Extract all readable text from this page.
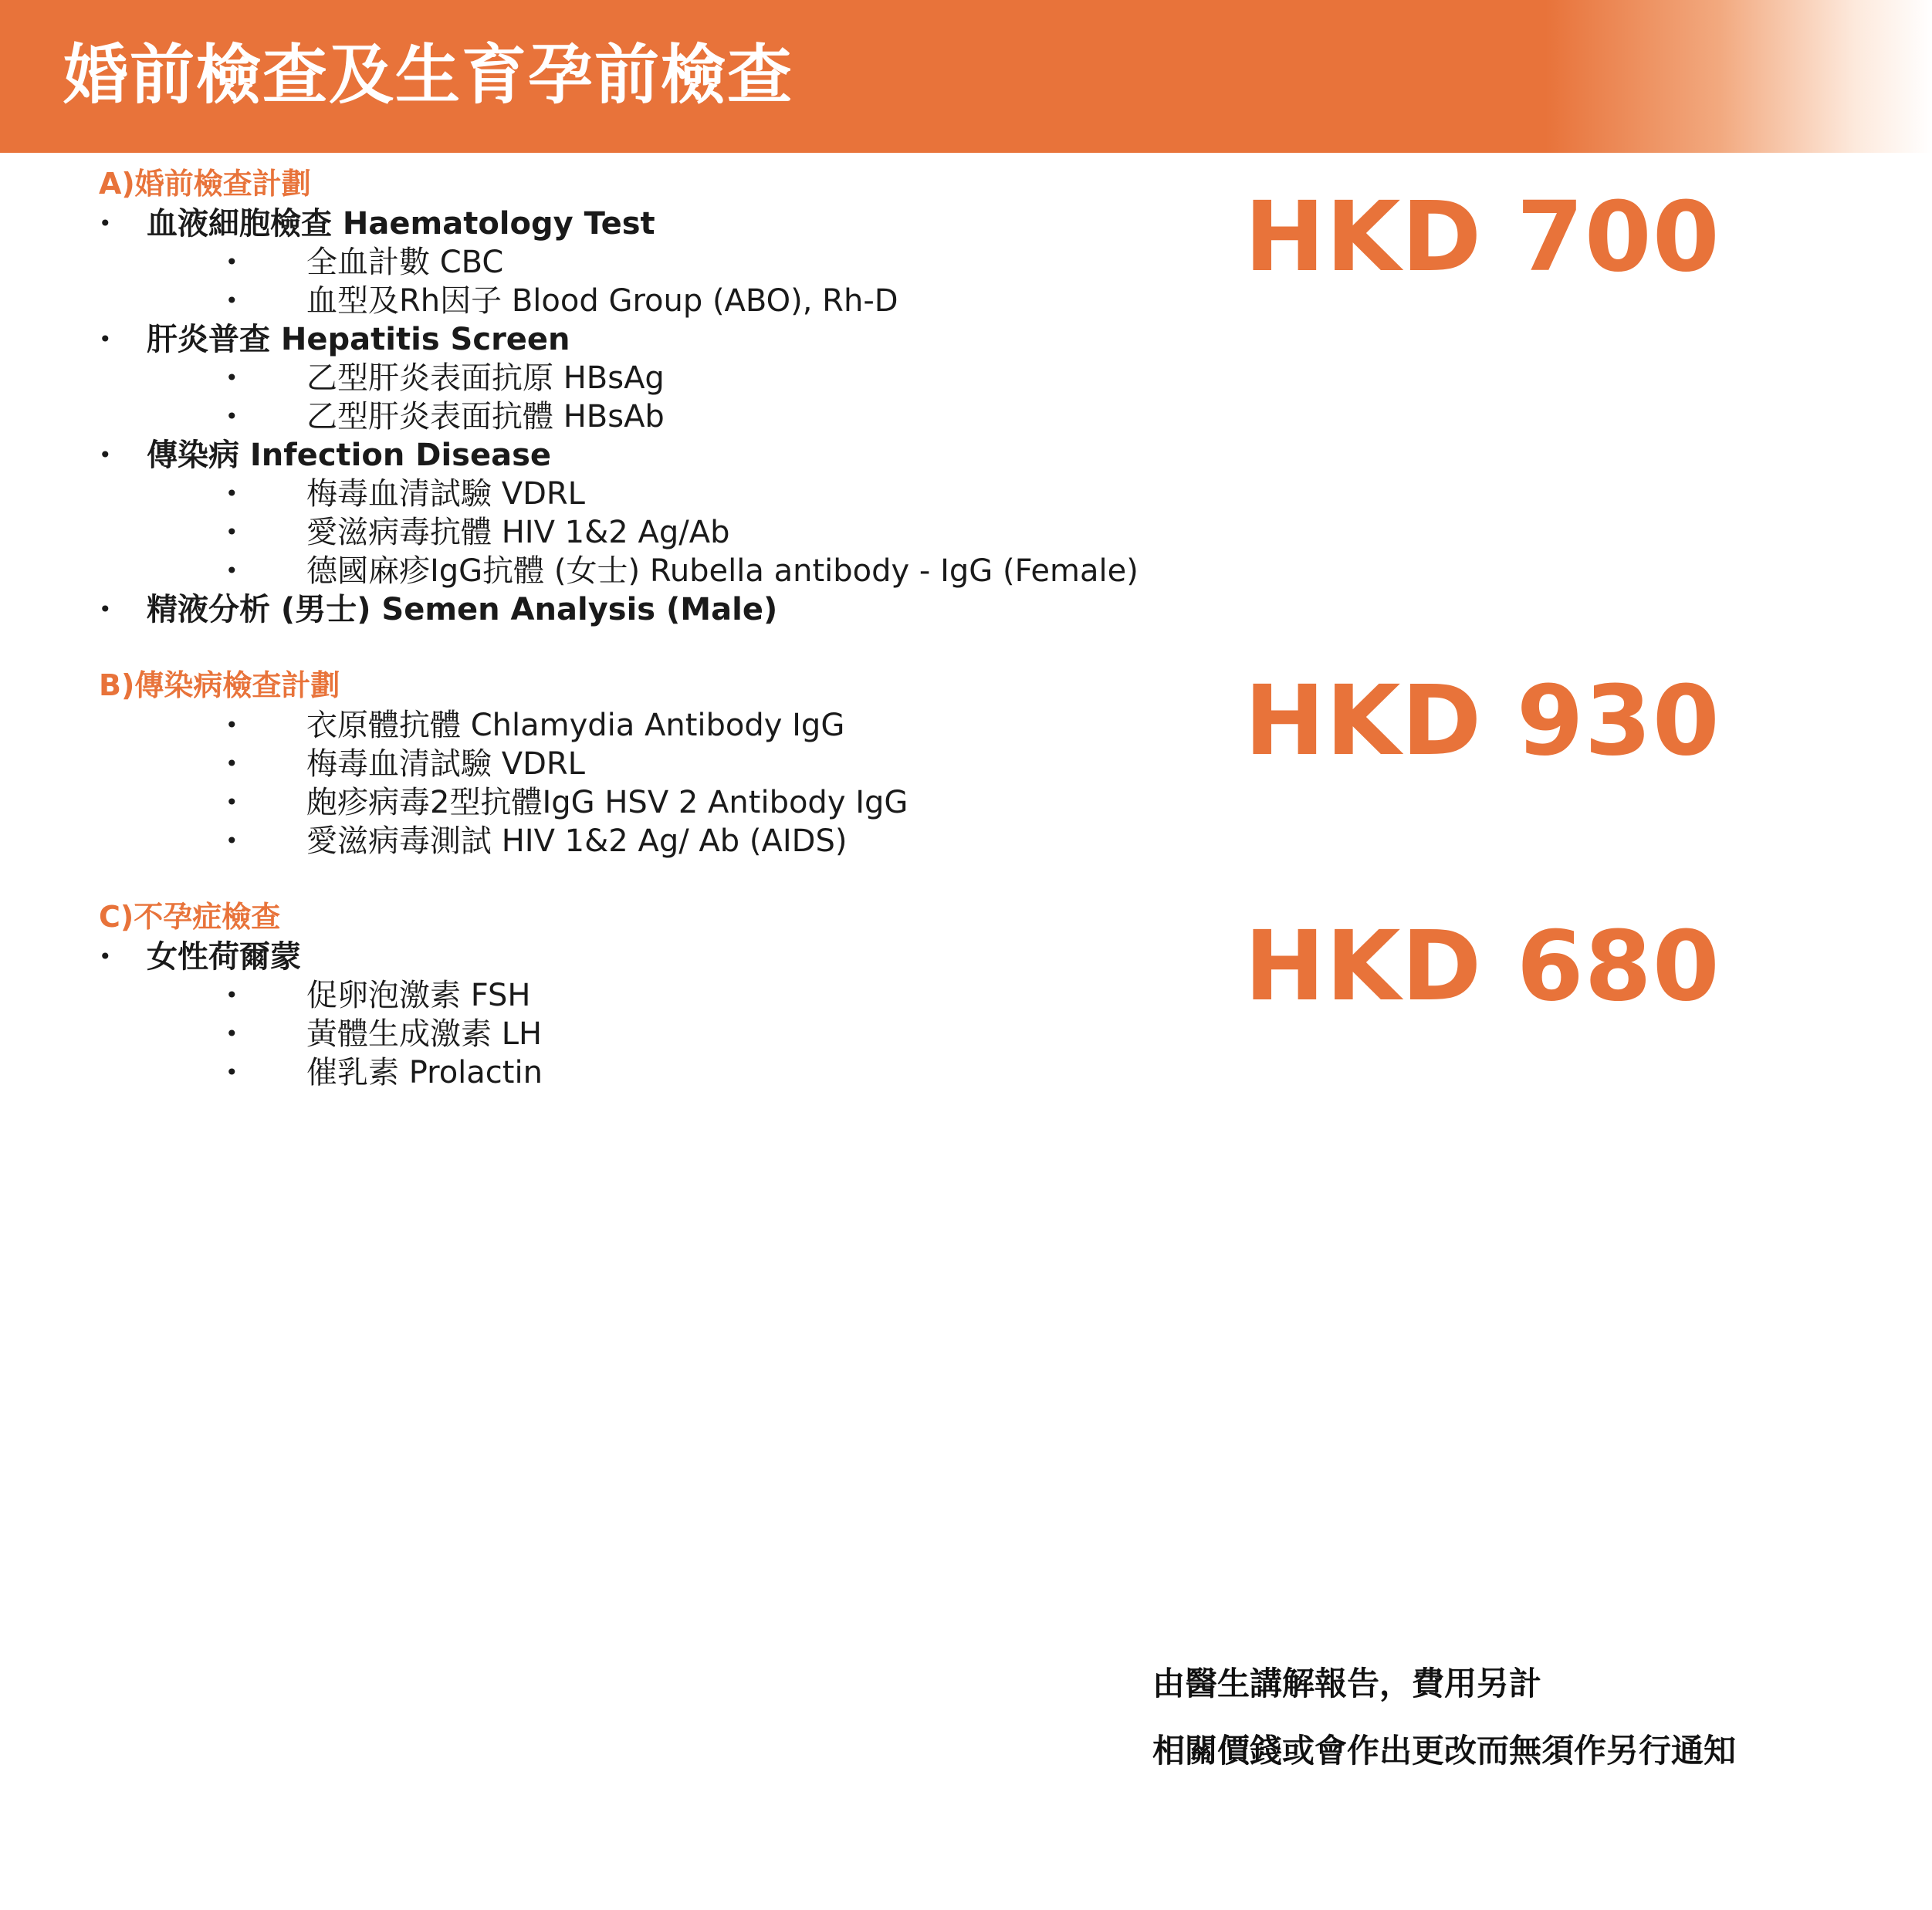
婚前檢查及生育孕前檢查
A)婚前檢查計劃
• 血液細胞檢查 Haematology Test
• 全血計數 CBC
• 血型及Rh因子 Blood Group (ABO), Rh-D
• 肝炎普查 Hepatitis Screen
• 乙型肝炎表面抗原 HBsAg
• 乙型肝炎表面抗體 HBsAb
• 傳染病 Infection Disease
• 梅毒血清試驗 VDRL
• 愛滋病毒抗體 HIV 1&2 Ag/Ab
• 德國麻疹IgG抗體 (女士) Rubella antibody - IgG (Female)
• 精液分析 (男士) Semen Analysis (Male)
HKD 700
B)傳染病檢查計劃
• 衣原體抗體 Chlamydia Antibody IgG
• 梅毒血清試驗 VDRL
• 皰疹病毒2型抗體IgG HSV 2 Antibody IgG
• 愛滋病毒測試 HIV 1&2 Ag/ Ab (AIDS)
HKD 930
C)不孕症檢查
• 女性荷爾蒙
• 促卵泡激素 FSH
• 黃體生成激素 LH
• 催乳素 Prolactin
HKD 680
由醫生講解報告，費用另計
相關價錢或會作出更改而無須作另行通知
